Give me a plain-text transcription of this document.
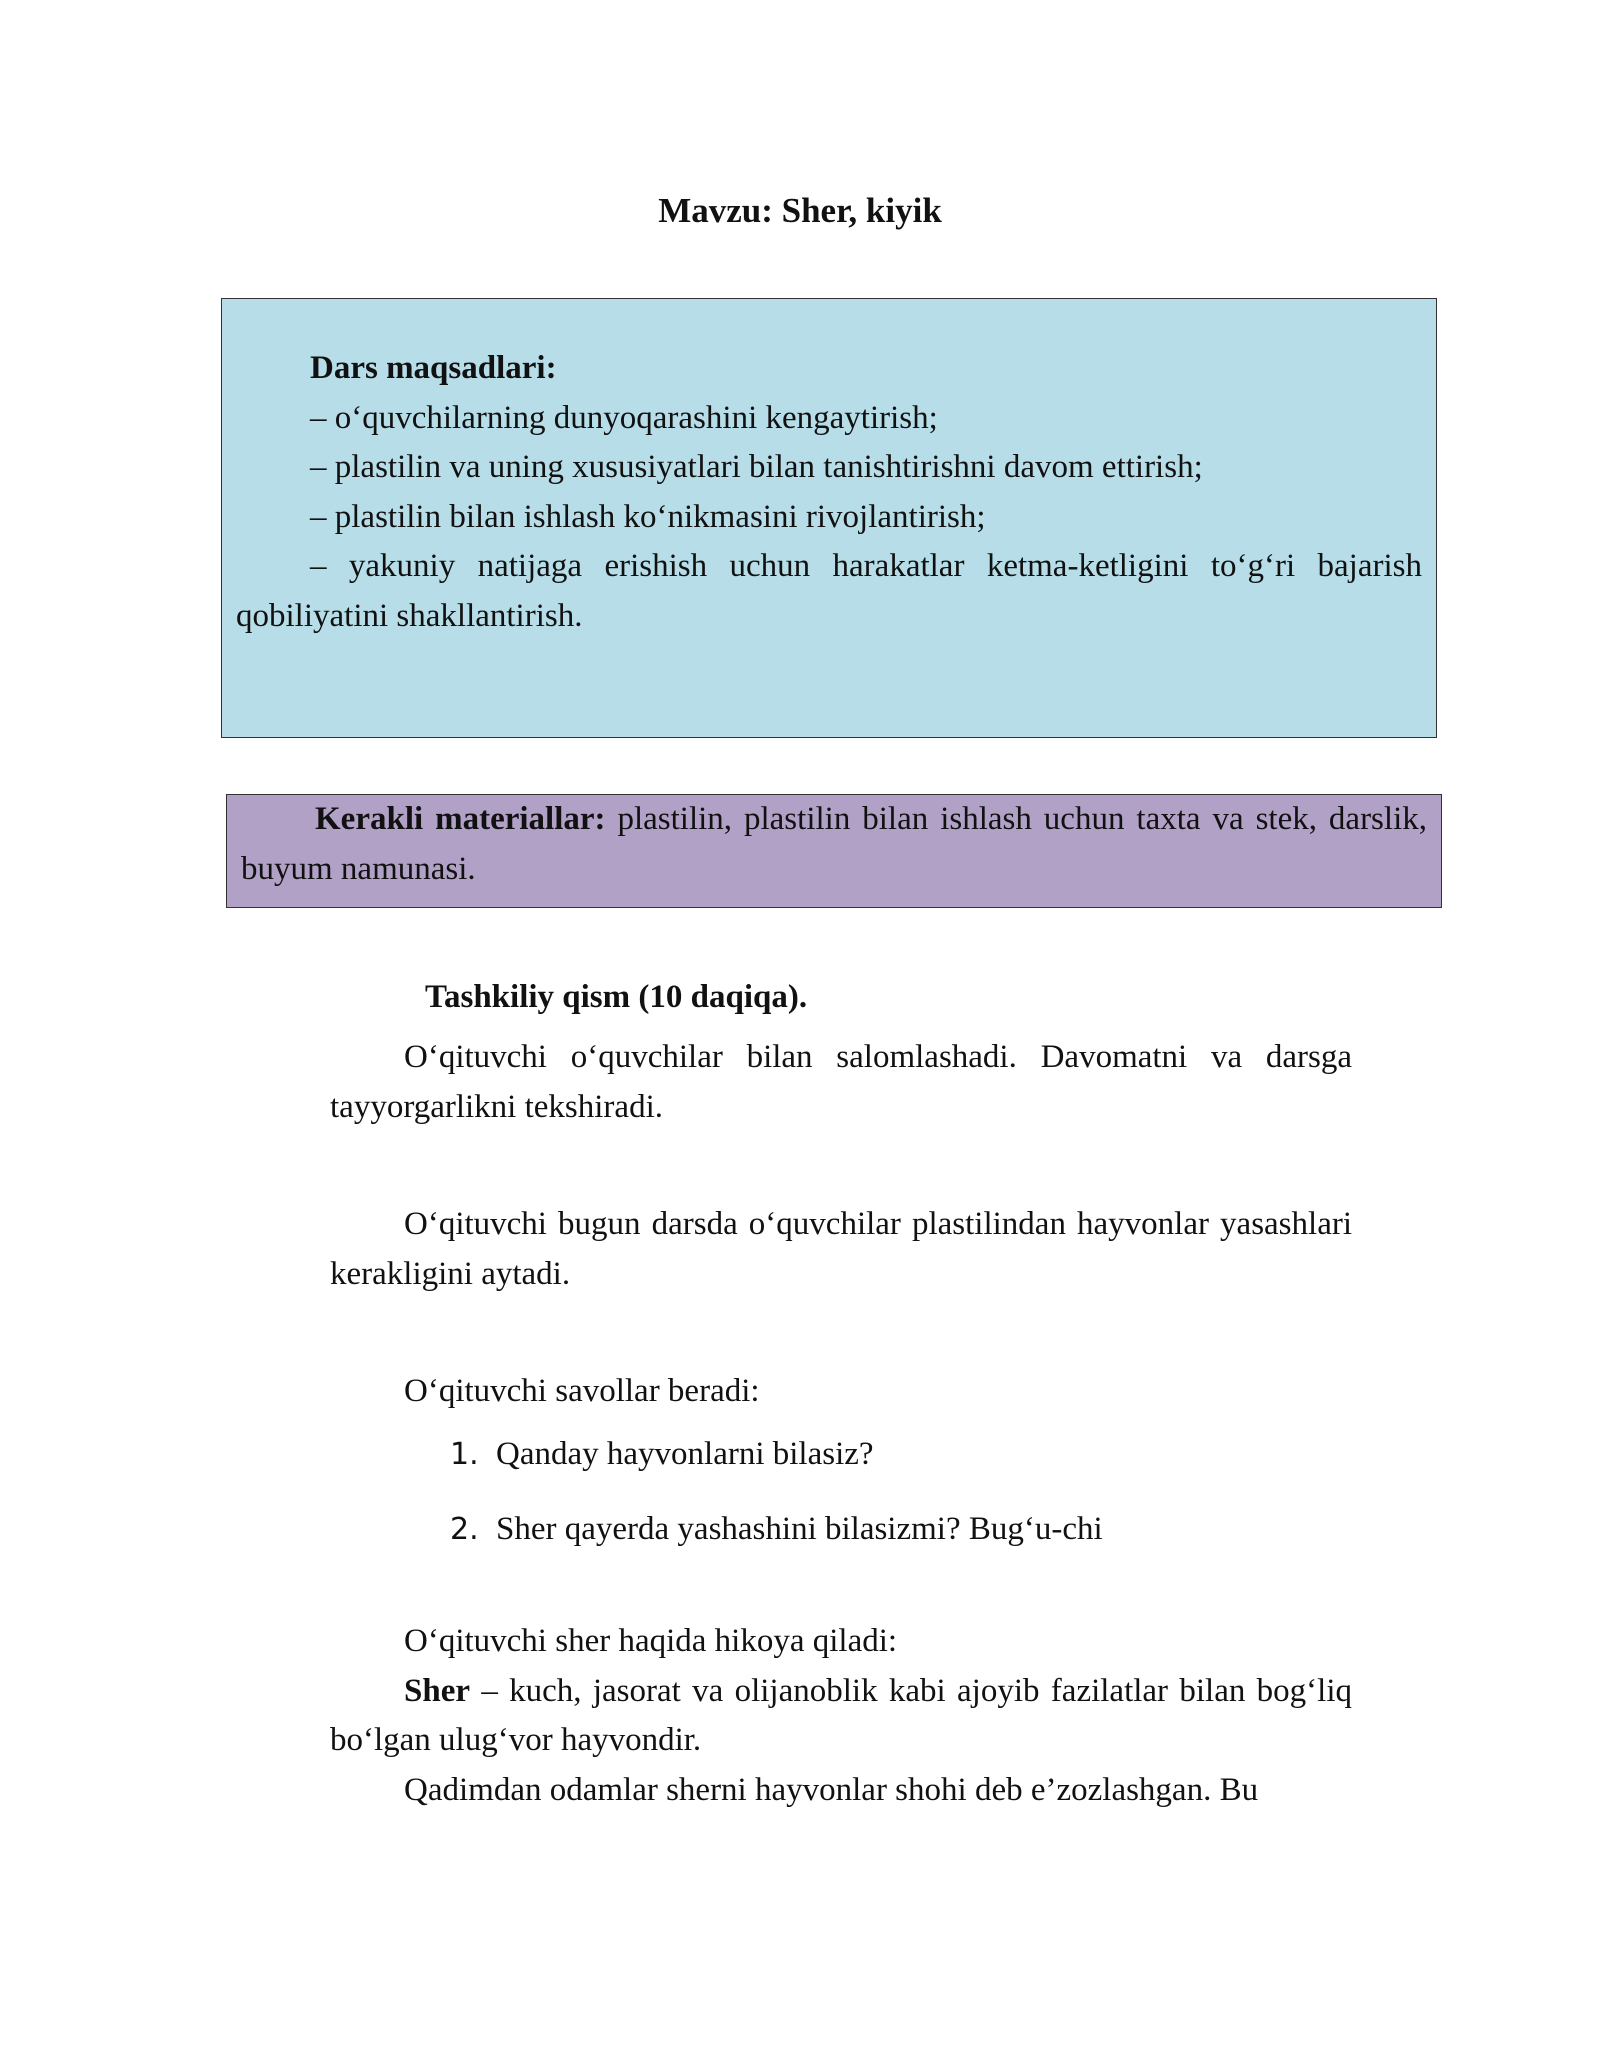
Mavzu: Sher, kiyik

Dars maqsadlari:

– o‘quvchilarning dunyoqarashini kengaytirish;

– plastilin va uning xususiyatlari bilan tanishtirishni davom ettirish;

– plastilin bilan ishlash ko‘nikmasini rivojlantirish;

– yakuniy natijaga erishish uchun harakatlar ketma-ketligini to‘g‘ri bajarish qobiliyatini shakllantirish.

Kerakli materiallar: plastilin, plastilin bilan ishlash uchun taxta va stek, darslik, buyum namunasi.

Tashkiliy qism (10 daqiqa).

O‘qituvchi o‘quvchilar bilan salomlashadi. Davomatni va darsga tayyorgarlikni tekshiradi.

O‘qituvchi bugun darsda o‘quvchilar plastilindan hayvonlar yasashlari kerakligini aytadi.

O‘qituvchi savollar beradi:

1. Qanday hayvonlarni bilasiz?
2. Sher qayerda yashashini bilasizmi? Bug‘u-chi

O‘qituvchi sher haqida hikoya qiladi:

Sher – kuch, jasorat va olijanoblik kabi ajoyib fazilatlar bilan bog‘liq bo‘lgan ulug‘vor hayvondir.

Qadimdan odamlar sherni hayvonlar shohi deb e’zozlashgan. Bu
